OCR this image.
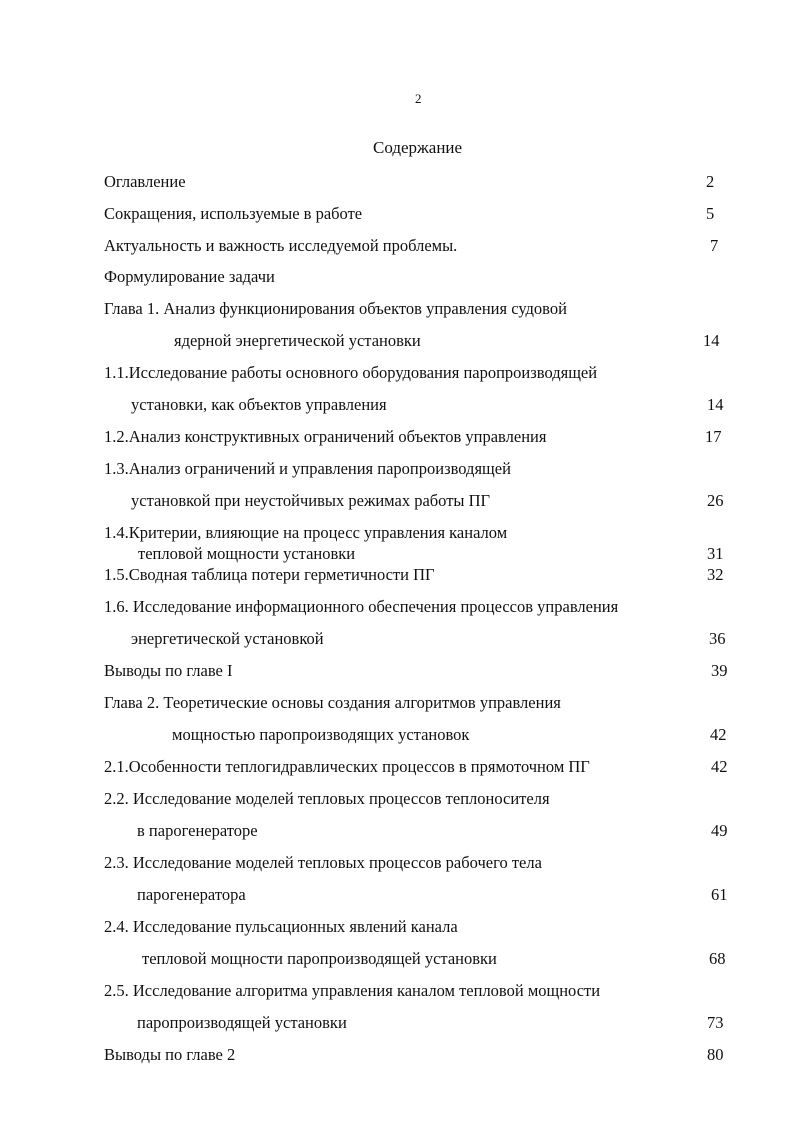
2
Содержание
Оглавление	2
Сокращения, используемые в работе	5
Актуальность и важность исследуемой проблемы.	7
Формулирование задачи
Глава 1. Анализ функционирования объектов управления судовой
ядерной энергетической установки	14
1.1.Исследование работы основного оборудования паропроизводящей
установки, как объектов управления	14
1.2.Анализ конструктивных ограничений объектов управления	17
1.3.Анализ ограничений и управления паропроизводящей
установкой при неустойчивых режимах работы ПГ	26
1.4.Критерии, влияющие на процесс управления каналом
тепловой мощности установки	31
1.5.Сводная таблица потери герметичности ПГ	32
1.6. Исследование информационного обеспечения процессов управления
энергетической установкой	36
Выводы по главе I	39
Глава 2. Теоретические основы создания алгоритмов управления
мощностью паропроизводящих установок	42
2.1.Особенности теплогидравлических процессов в прямоточном ПГ	42
2.2. Исследование моделей тепловых процессов теплоносителя
в парогенераторе	49
2.3. Исследование моделей тепловых процессов рабочего тела
парогенератора	61
2.4. Исследование пульсационных явлений канала
тепловой мощности паропроизводящей установки	68
2.5. Исследование алгоритма управления каналом тепловой мощности
паропроизводящей установки	73
Выводы по главе 2	80
